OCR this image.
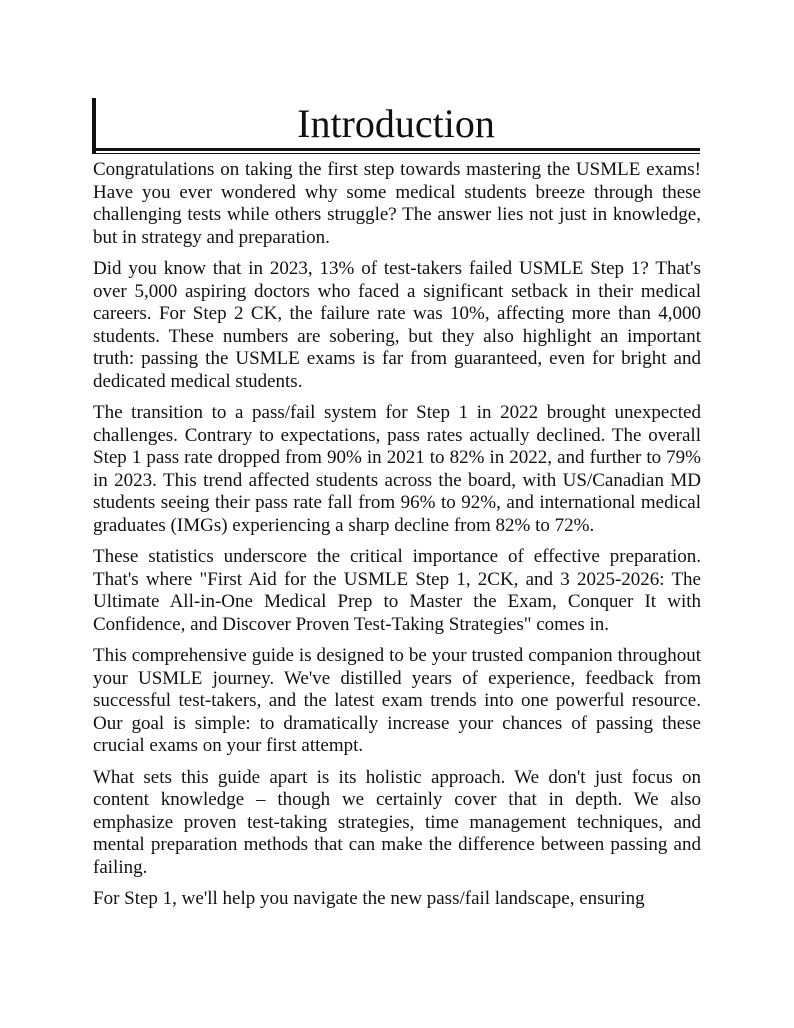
Introduction

Congratulations on taking the first step towards mastering the USMLE exams! Have you ever wondered why some medical students breeze through these challenging tests while others struggle? The answer lies not just in knowledge, but in strategy and preparation.

Did you know that in 2023, 13% of test-takers failed USMLE Step 1? That's over 5,000 aspiring doctors who faced a significant setback in their medical careers. For Step 2 CK, the failure rate was 10%, affecting more than 4,000 students. These numbers are sobering, but they also highlight an important truth: passing the USMLE exams is far from guaranteed, even for bright and dedicated medical students.

The transition to a pass/fail system for Step 1 in 2022 brought unexpected challenges. Contrary to expectations, pass rates actually declined. The overall Step 1 pass rate dropped from 90% in 2021 to 82% in 2022, and further to 79% in 2023. This trend affected students across the board, with US/Canadian MD students seeing their pass rate fall from 96% to 92%, and international medical graduates (IMGs) experiencing a sharp decline from 82% to 72%.

These statistics underscore the critical importance of effective preparation. That's where "First Aid for the USMLE Step 1, 2CK, and 3 2025-2026: The Ultimate All-in-One Medical Prep to Master the Exam, Conquer It with Confidence, and Discover Proven Test-Taking Strategies" comes in.

This comprehensive guide is designed to be your trusted companion throughout your USMLE journey. We've distilled years of experience, feedback from successful test-takers, and the latest exam trends into one powerful resource. Our goal is simple: to dramatically increase your chances of passing these crucial exams on your first attempt.

What sets this guide apart is its holistic approach. We don't just focus on content knowledge – though we certainly cover that in depth. We also emphasize proven test-taking strategies, time management techniques, and mental preparation methods that can make the difference between passing and failing.

For Step 1, we'll help you navigate the new pass/fail landscape, ensuring
